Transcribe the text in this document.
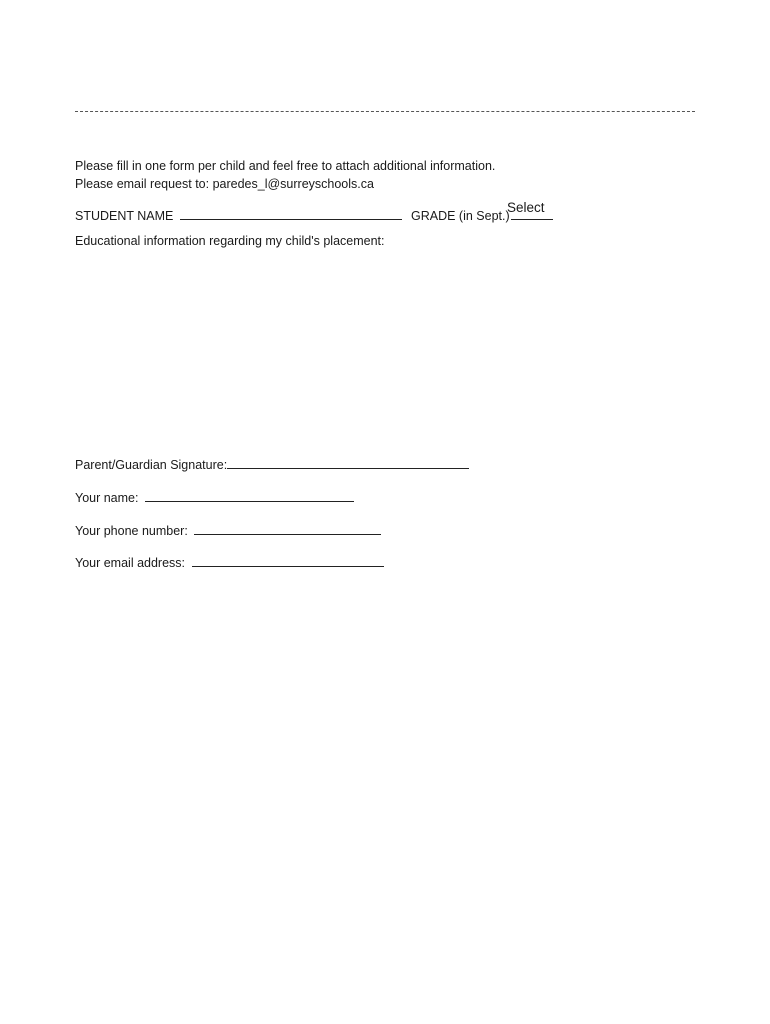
Please fill in one form per child and feel free to attach additional information.
Please email request to: paredes_l@surreyschools.ca
STUDENT NAME	GRADE (in Sept.)
Select
Educational information regarding my child's placement:
Parent/Guardian Signature:
Your name:
Your phone number:
Your email address:
